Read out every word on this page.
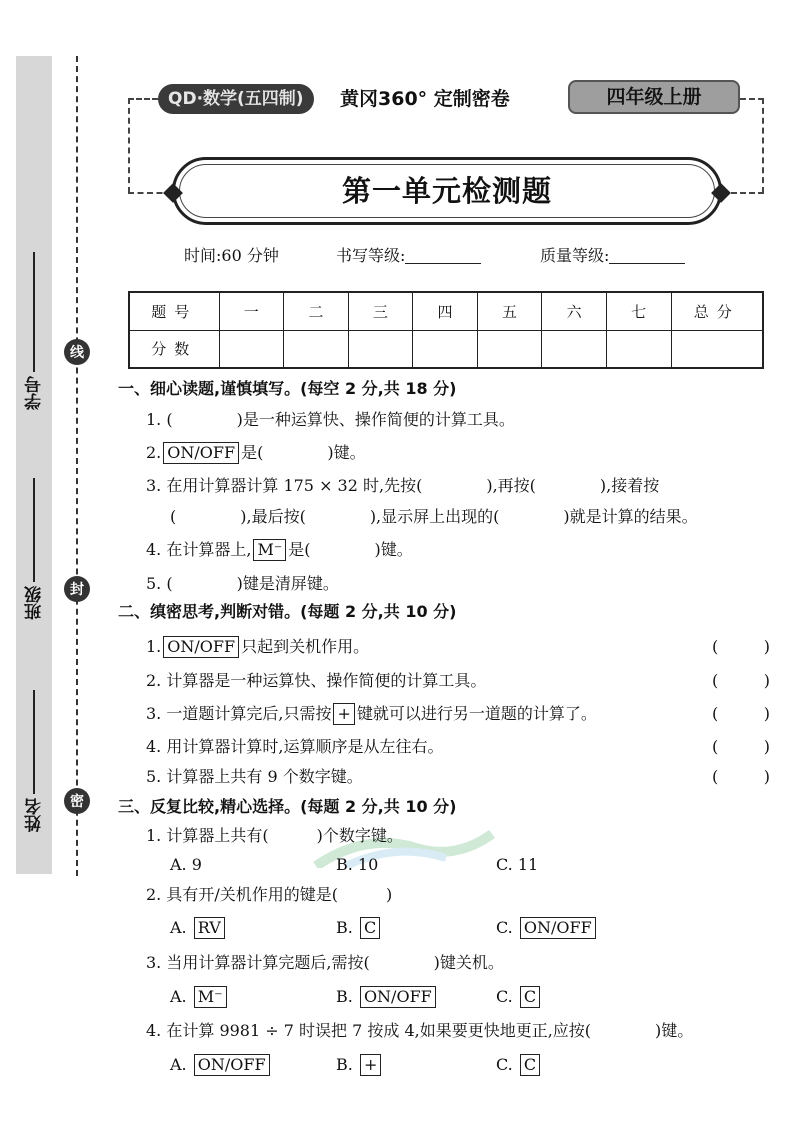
学号
班级
姓名
线
封
密
QD·数学(五四制)	黄冈360° 定制密卷	四年级上册
第一单元检测题
时间:60 分钟	书写等级:	质量等级:
题号	一	二	三	四	五	六	七	总分
分数								
一、细心读题,谨慎填写。(每空 2 分,共 18 分)
1. (　　　　)是一种运算快、操作简便的计算工具。
2. ON/OFF 是(　　　　)键。
3. 在用计算器计算 175 × 32 时,先按(　　　　),再按(　　　　),接着按
(　　　　),最后按(　　　　),显示屏上出现的(　　　　)就是计算的结果。
4. 在计算器上, M⁻ 是(　　　　)键。
5. (　　　　)键是清屏键。
二、缜密思考,判断对错。(每题 2 分,共 10 分)
1. ON/OFF 只起到关机作用。	(	)
2. 计算器是一种运算快、操作简便的计算工具。	(	)
3. 一道题计算完后,只需按 + 键就可以进行另一道题的计算了。	(	)
4. 用计算器计算时,运算顺序是从左往右。	(	)
5. 计算器上共有 9 个数字键。	(	)
三、反复比较,精心选择。(每题 2 分,共 10 分)
1. 计算器上共有(　　　)个数字键。
A. 9	B. 10	C. 11
2. 具有开/关机作用的键是(　　　)
A. RV	B. C	C. ON/OFF
3. 当用计算器计算完题后,需按(　　　　)键关机。
A. M⁻	B. ON/OFF	C. C
4. 在计算 9981 ÷ 7 时误把 7 按成 4,如果要更快地更正,应按(　　　　)键。
A. ON/OFF	B. +	C. C
